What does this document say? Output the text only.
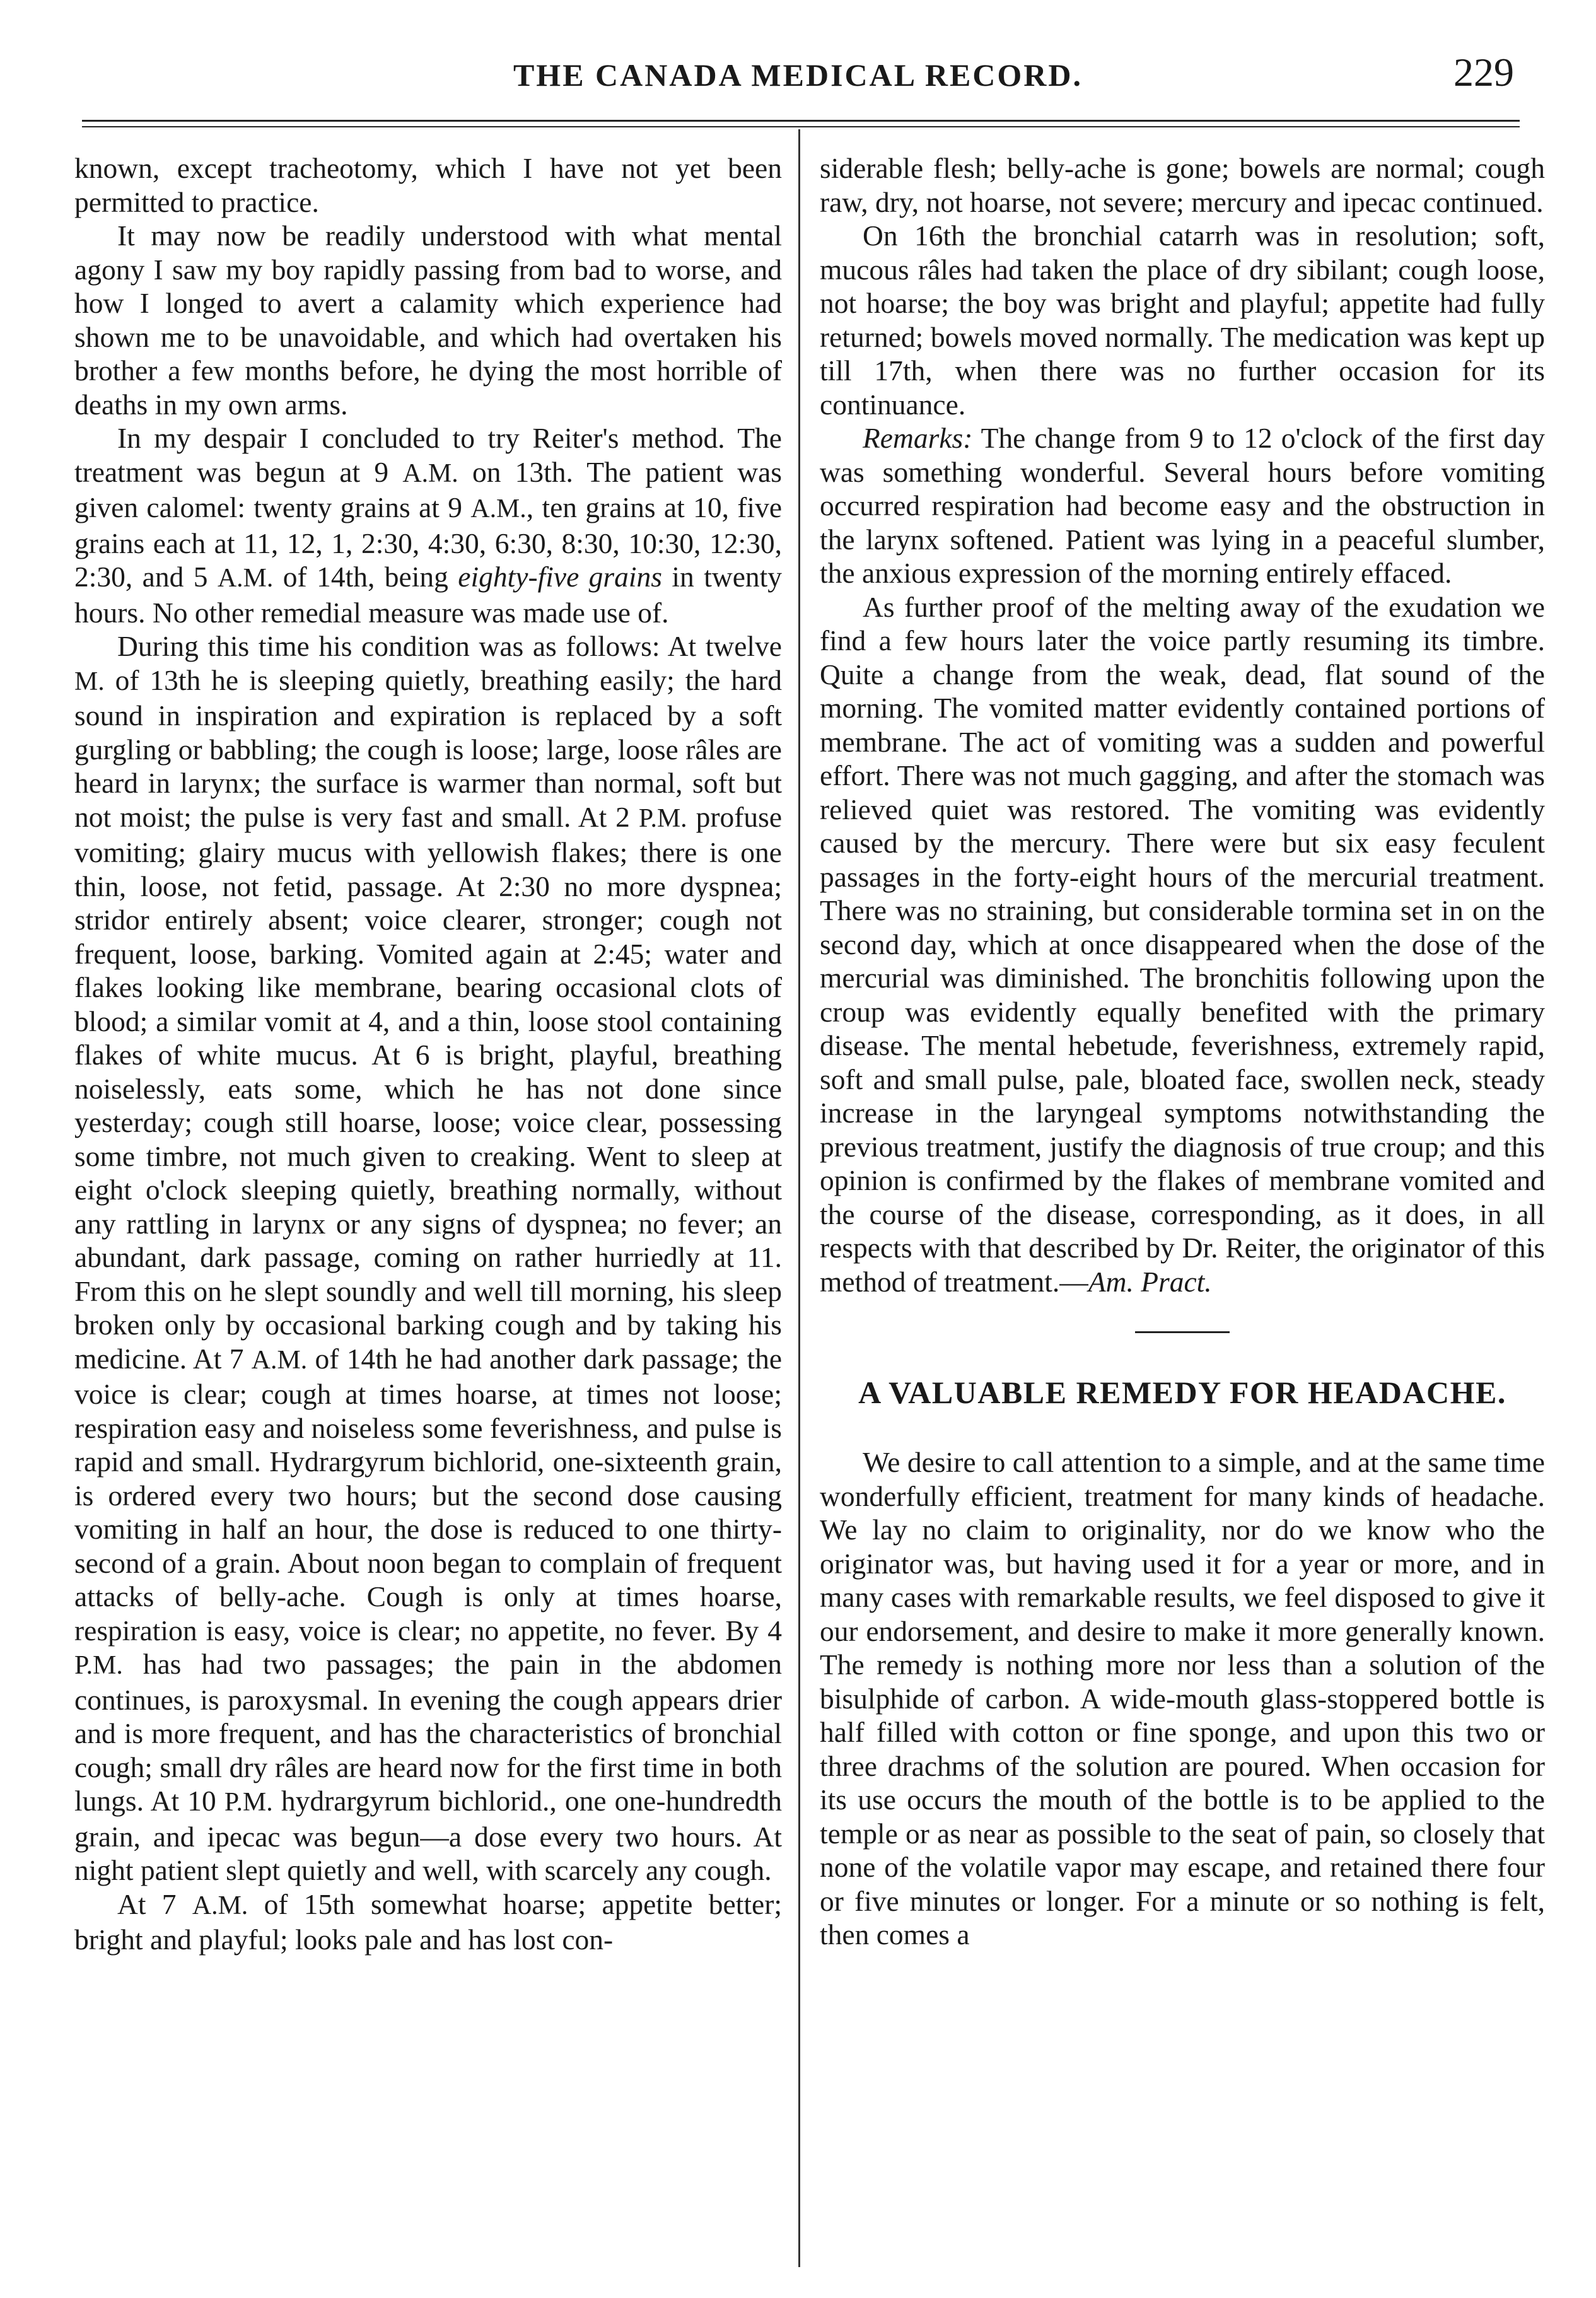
THE CANADA MEDICAL RECORD.	229

known, except tracheotomy, which I have not yet been permitted to practice.

It may now be readily understood with what mental agony I saw my boy rapidly passing from bad to worse, and how I longed to avert a calamity which experience had shown me to be unavoidable, and which had overtaken his brother a few months before, he dying the most horrible of deaths in my own arms.

In my despair I concluded to try Reiter's method. The treatment was begun at 9 A.M. on 13th. The patient was given calomel: twenty grains at 9 A.M., ten grains at 10, five grains each at 11, 12, 1, 2:30, 4:30, 6:30, 8:30, 10:30, 12:30, 2:30, and 5 A.M. of 14th, being eighty-five grains in twenty hours. No other remedial measure was made use of.

During this time his condition was as follows: At twelve M. of 13th he is sleeping quietly, breathing easily; the hard sound in inspiration and expiration is replaced by a soft gurgling or babbling; the cough is loose; large, loose râles are heard in larynx; the surface is warmer than normal, soft but not moist; the pulse is very fast and small. At 2 P.M. profuse vomiting; glairy mucus with yellowish flakes; there is one thin, loose, not fetid, passage. At 2:30 no more dyspnea; stridor entirely absent; voice clearer, stronger; cough not frequent, loose, barking. Vomited again at 2:45; water and flakes looking like membrane, bearing occasional clots of blood; a similar vomit at 4, and a thin, loose stool containing flakes of white mucus. At 6 is bright, playful, breathing noiselessly, eats some, which he has not done since yesterday; cough still hoarse, loose; voice clear, possessing some timbre, not much given to creaking. Went to sleep at eight o'clock sleeping quietly, breathing normally, without any rattling in larynx or any signs of dyspnea; no fever; an abundant, dark passage, coming on rather hurriedly at 11. From this on he slept soundly and well till morning, his sleep broken only by occasional barking cough and by taking his medicine. At 7 A.M. of 14th he had another dark passage; the voice is clear; cough at times hoarse, at times not loose; respiration easy and noiseless some feverishness, and pulse is rapid and small. Hydrargyrum bichlorid, one-sixteenth grain, is ordered every two hours; but the second dose causing vomiting in half an hour, the dose is reduced to one thirty-second of a grain. About noon began to complain of frequent attacks of belly-ache. Cough is only at times hoarse, respiration is easy, voice is clear; no appetite, no fever. By 4 P.M. has had two passages; the pain in the abdomen continues, is paroxysmal. In evening the cough appears drier and is more frequent, and has the characteristics of bronchial cough; small dry râles are heard now for the first time in both lungs. At 10 P.M. hydrargyrum bichlorid., one one-hundredth grain, and ipecac was begun—a dose every two hours. At night patient slept quietly and well, with scarcely any cough.

At 7 A.M. of 15th somewhat hoarse; appetite better; bright and playful; looks pale and has lost con-

siderable flesh; belly-ache is gone; bowels are normal; cough raw, dry, not hoarse, not severe; mercury and ipecac continued.

On 16th the bronchial catarrh was in resolution; soft, mucous râles had taken the place of dry sibilant; cough loose, not hoarse; the boy was bright and playful; appetite had fully returned; bowels moved normally. The medication was kept up till 17th, when there was no further occasion for its continuance.

Remarks: The change from 9 to 12 o'clock of the first day was something wonderful. Several hours before vomiting occurred respiration had become easy and the obstruction in the larynx softened. Patient was lying in a peaceful slumber, the anxious expression of the morning entirely effaced.

As further proof of the melting away of the exudation we find a few hours later the voice partly resuming its timbre. Quite a change from the weak, dead, flat sound of the morning. The vomited matter evidently contained portions of membrane. The act of vomiting was a sudden and powerful effort. There was not much gagging, and after the stomach was relieved quiet was restored. The vomiting was evidently caused by the mercury. There were but six easy feculent passages in the forty-eight hours of the mercurial treatment. There was no straining, but considerable tormina set in on the second day, which at once disappeared when the dose of the mercurial was diminished. The bronchitis following upon the croup was evidently equally benefited with the primary disease. The mental hebetude, feverishness, extremely rapid, soft and small pulse, pale, bloated face, swollen neck, steady increase in the laryngeal symptoms notwithstanding the previous treatment, justify the diagnosis of true croup; and this opinion is confirmed by the flakes of membrane vomited and the course of the disease, corresponding, as it does, in all respects with that described by Dr. Reiter, the originator of this method of treatment.—Am. Pract.

A VALUABLE REMEDY FOR HEADACHE.

We desire to call attention to a simple, and at the same time wonderfully efficient, treatment for many kinds of headache. We lay no claim to originality, nor do we know who the originator was, but having used it for a year or more, and in many cases with remarkable results, we feel disposed to give it our endorsement, and desire to make it more generally known. The remedy is nothing more nor less than a solution of the bisulphide of carbon. A wide-mouth glass-stoppered bottle is half filled with cotton or fine sponge, and upon this two or three drachms of the solution are poured. When occasion for its use occurs the mouth of the bottle is to be applied to the temple or as near as possible to the seat of pain, so closely that none of the volatile vapor may escape, and retained there four or five minutes or longer. For a minute or so nothing is felt, then comes a
